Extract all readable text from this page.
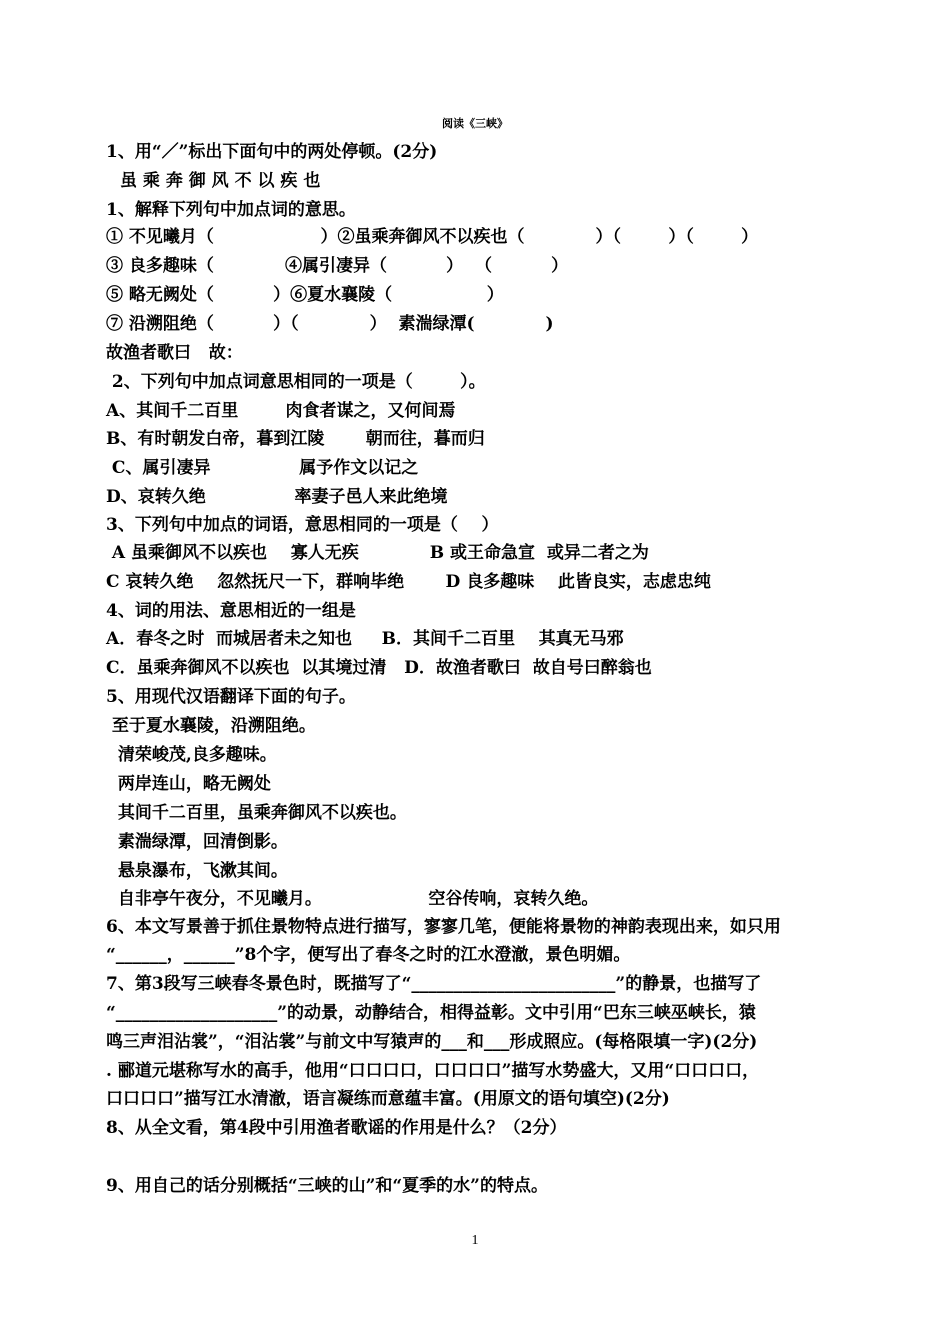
阅读《三峡》
1、用“／”标出下面句中的两处停顿。(2分)
虽 乘 奔 御 风 不 以 疾 也
1、解释下列句中加点词的意思。
① 不见曦月（                  ）②虽乘奔御风不以疾也（            ）（        ）（        ）
③ 良多趣味（            ④属引凄异（          ）  （          ）
⑤ 略无阙处（          ）⑥夏水襄陵（                ）
⑦ 沿溯阻绝（          ）（            ）  素湍绿潭(            )
故渔者歌曰   故：
2、下列句中加点词意思相同的一项是（        ）。
A、其间千二百里        肉食者谋之，又何间焉
B、有时朝发白帝，暮到江陵       朝而往，暮而归
C、属引凄异               属予作文以记之
D、哀转久绝               率妻子邑人来此绝境
3、下列句中加点的词语，意思相同的一项是（    ）
A 虽乘御风不以疾也    寡人无疾            B 或王命急宣  或异二者之为
C 哀转久绝    忽然抚尺一下，群响毕绝       D 良多趣味    此皆良实，志虑忠纯
4、词的用法、意思相近的一组是
A．春冬之时  而城居者未之知也     B．其间千二百里    其真无马邪
C．虽乘奔御风不以疾也  以其境过清   D．故渔者歌曰  故自号曰醉翁也
5、用现代汉语翻译下面的句子。
至于夏水襄陵，沿溯阻绝。
清荣峻茂,良多趣味。
两岸连山，略无阙处
其间千二百里，虽乘奔御风不以疾也。
素湍绿潭，回清倒影。
悬泉瀑布，飞漱其间。
自非亭午夜分，不见曦月。                  空谷传响，哀转久绝。
6、本文写景善于抓住景物特点进行描写，寥寥几笔，便能将景物的神韵表现出来，如只用
“______，______”8个字，便写出了春冬之时的江水澄澈，景色明媚。
7、第3段写三峡春冬景色时，既描写了“________________________”的静景，也描写了
“___________________”的动景，动静结合，相得益彰。文中引用“巴东三峡巫峡长，猿
鸣三声泪沾裳”，“泪沾裳”与前文中写猿声的___和___形成照应。(每格限填一字)(2分)
. 郦道元堪称写水的高手，他用“口口口口，口口口口”描写水势盛大，又用“口口口口，
口口口口”描写江水清澈，语言凝练而意蕴丰富。(用原文的语句填空)(2分)
8、从全文看，第4段中引用渔者歌谣的作用是什么？（2分）
9、用自己的话分别概括“三峡的山”和“夏季的水”的特点。
1
